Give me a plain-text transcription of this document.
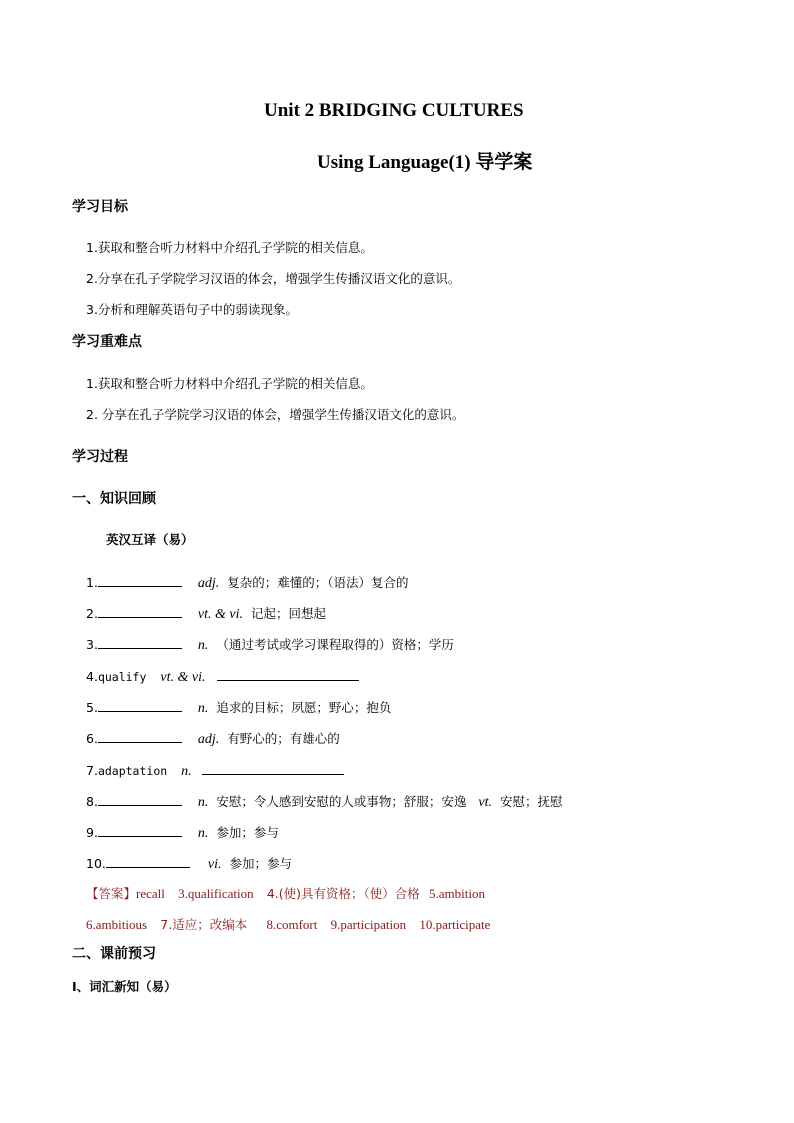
Unit 2 BRIDGING CULTURES
Using Language(1) 导学案
学习目标
1.获取和整合听力材料中介绍孔子学院的相关信息。
2.分享在孔子学院学习汉语的体会，增强学生传播汉语文化的意识。
3.分析和理解英语句子中的弱读现象。
学习重难点
1.获取和整合听力材料中介绍孔子学院的相关信息。
2. 分享在孔子学院学习汉语的体会，增强学生传播汉语文化的意识。
学习过程
一、知识回顾
英汉互译（易）
1.	adj. 复杂的；难懂的；（语法）复合的
2.	vt. & vi. 记起；回想起
3.	n. （通过考试或学习课程取得的）资格；学历
4.qualify vt. & vi.
5.	n. 追求的目标；夙愿；野心；抱负
6.	adj. 有野心的；有雄心的
7.adaptation n.
8.	n. 安慰；令人感到安慰的人或事物；舒服；安逸 vt. 安慰；抚慰
9.	n. 参加；参与
10.	vi. 参加；参与
【答案】recall 3.qualification 4.(使)具有资格；（使）合格 5.ambition
6.ambitious 7.适应；改编本 8.comfort 9.participation 10.participate
二、课前预习
I、词汇新知（易）
